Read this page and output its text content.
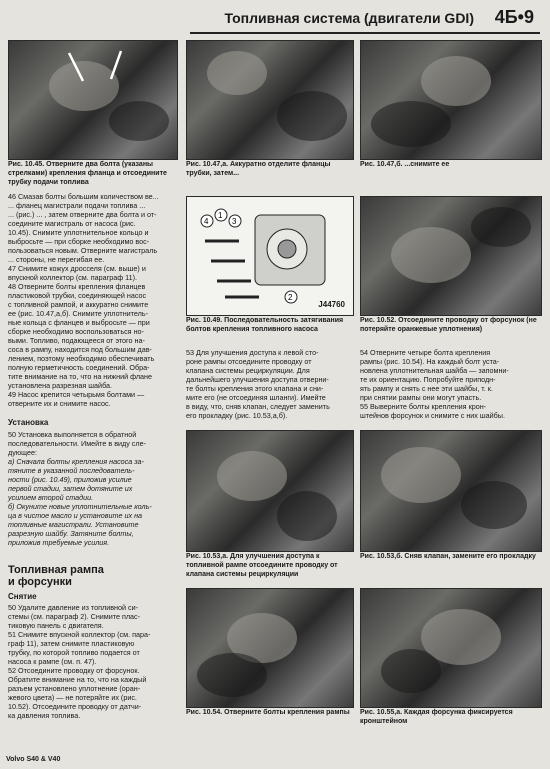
Топливная система (двигатели GDI) 4Б•9
Рис. 10.45. Отверните два болта (указаны стрелками) крепления фланца и отсоедините трубку подачи топлива
Рис. 10.47,а. Аккуратно отделите фланцы трубки, затем...
Рис. 10.47,б. ...снимите ее
4
1
3
2
J44760
Рис. 10.49. Последовательность затягивания болтов крепления топливного насоса
Рис. 10.52. Отсоедините проводку от форсунок (не потеряйте оранжевые уплотнения)

46 Смазав болты большим количеством ве...

... фланец магистрали подачи топлива ...

... (рис.) ... , затем отверните два болта и от-

соедините магистраль от насоса (рис.

10.45). Снимите уплотнительное кольцо и

выбросьте — при сборке необходимо вос-

пользоваться новым. Отверните магистраль

... стороны, не перегибая ее.

47 Снимите кожух дросселя (см. выше) и

впускной коллектор (см. параграф 11).

48 Отверните болты крепления фланцев

пластиковой трубки, соединяющей насос

с топливной рампой, и аккуратно снимите

ее (рис. 10.47,а,б). Снимите уплотнитель-

ные кольца с фланцев и выбросьте — при

сборке необходимо воспользоваться но-

выми. Топливо, подающееся от этого на-

соса в рампу, находится под большим дав-

лением, поэтому необходимо обеспечивать

полную герметичность соединений. Обра-

тите внимание на то, что на нижний флане

установлена разрезная шайба.

49 Насос крепится четырьмя болтами —

отверните их и снимите насос.

Установка

50 Установка выполняется в обратной

последовательности. Имейте в виду сле-

дующее:

а) Сначала болты крепления насоса за-

тяните в указанной последователь-

ности (рис. 10.49), приложив усилие

первой стадии, затем дотяните их

усилием второй стадии.

б) Окуните новые уплотнительные коль-

ца в чистое масло и установите их на

топливные магистрали. Установите

разрезную шайбу. Затяните болты,

приложив требуемые усилия.

Топливная рампа
и форсунки
Снятие

50 Удалите давление из топливной си-

стемы (см. параграф 2). Снимите плас-

тиковую панель с двигателя.

51 Снимите впускной коллектор (см. пара-

граф 11), затем снимите пластиковую

трубку, по которой топливо подается от

насоса к рампе (см. п. 47).

52 Отсоедините проводку от форсунок.

Обратите внимание на то, что на каждый

разъем установлено уплотнение (оран-

жевого цвета) — не потеряйте их (рис.

10.52). Отсоедините проводку от датчи-

ка давления топлива.

53 Для улучшения доступа к левой сто-

роне рампы отсоедините проводку от

клапана системы рециркуляции. Для

дальнейшего улучшения доступа отверни-

те болты крепления этого клапана и сни-

мите его (не отсоединяя шланги). Имейте

в виду, что, сняв клапан, следует заменить

его прокладку (рис. 10.53,а,б).

54 Отверните четыре болта крепления

рампы (рис. 10.54). На каждый болт уста-

новлена уплотнительная шайба — запомни-

те их ориентацию. Попробуйте приподн-

ять рампу и снять с нее эти шайбы, т. к.

при снятии рампы они могут упасть.

55 Выверните болты крепления крон-

штейнов форсунок и снимите с них шайбы.

Рис. 10.53,а. Для улучшения доступа к топливной рампе отсоедините проводку от клапана системы рециркуляции
Рис. 10.53,б. Сняв клапан, замените его прокладку
Рис. 10.54. Отверните болты крепления рампы	Рис. 10.55,а. Каждая форсунка фиксируется кронштейном
Volvo S40 & V40
